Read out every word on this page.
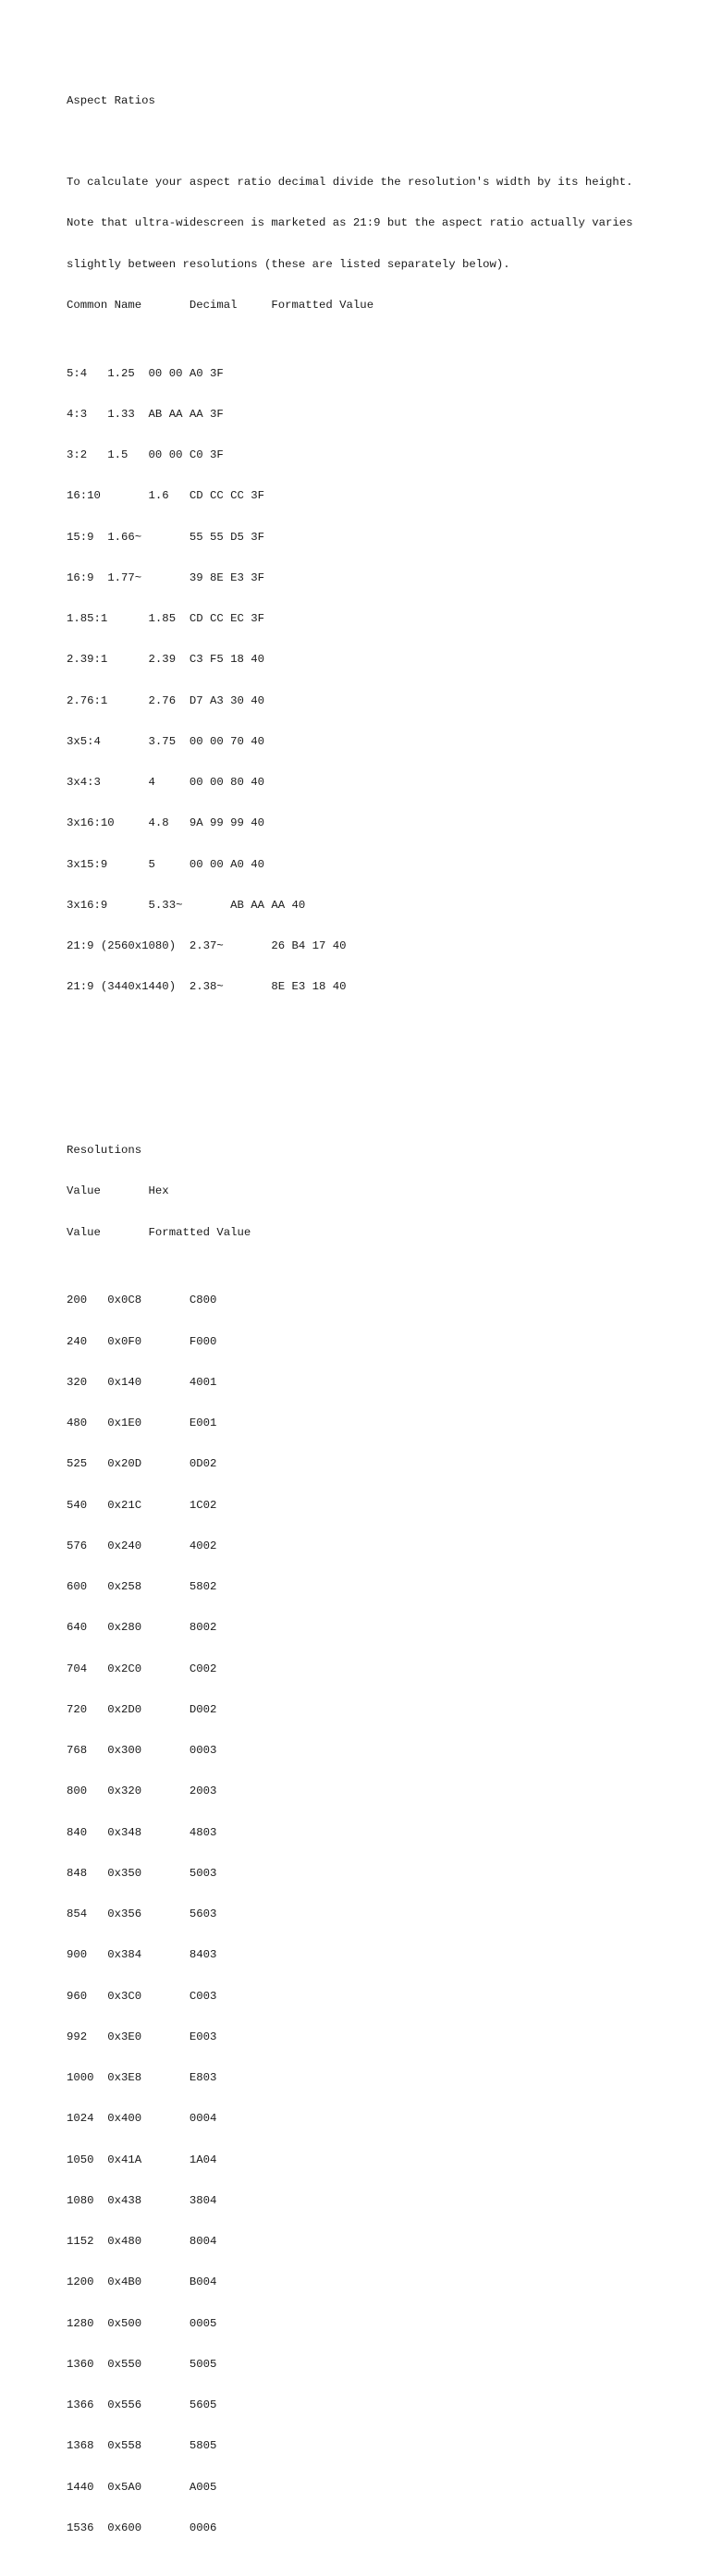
Aspect Ratios

To calculate your aspect ratio decimal divide the resolution's width by its height.

Note that ultra-widescreen is marketed as 21:9 but the aspect ratio actually varies

slightly between resolutions (these are listed separately below).

Common Name       Decimal     Formatted Value

5:4   1.25  00 00 A0 3F

4:3   1.33  AB AA AA 3F

3:2   1.5   00 00 C0 3F

16:10       1.6   CD CC CC 3F

15:9  1.66~       55 55 D5 3F

16:9  1.77~       39 8E E3 3F

1.85:1      1.85  CD CC EC 3F

2.39:1      2.39  C3 F5 18 40

2.76:1      2.76  D7 A3 30 40

3x5:4       3.75  00 00 70 40

3x4:3       4     00 00 80 40

3x16:10     4.8   9A 99 99 40

3x15:9      5     00 00 A0 40

3x16:9      5.33~       AB AA AA 40

21:9 (2560x1080)  2.37~       26 B4 17 40

21:9 (3440x1440)  2.38~       8E E3 18 40

Resolutions

Value       Hex

Value       Formatted Value

200   0x0C8       C800

240   0x0F0       F000

320   0x140       4001

480   0x1E0       E001

525   0x20D       0D02

540   0x21C       1C02

576   0x240       4002

600   0x258       5802

640   0x280       8002

704   0x2C0       C002

720   0x2D0       D002

768   0x300       0003

800   0x320       2003

840   0x348       4803

848   0x350       5003

854   0x356       5603

900   0x384       8403

960   0x3C0       C003

992   0x3E0       E003

1000  0x3E8       E803

1024  0x400       0004

1050  0x41A       1A04

1080  0x438       3804

1152  0x480       8004

1200  0x4B0       B004

1280  0x500       0005

1360  0x550       5005

1366  0x556       5605

1368  0x558       5805

1440  0x5A0       A005

1536  0x600       0006
